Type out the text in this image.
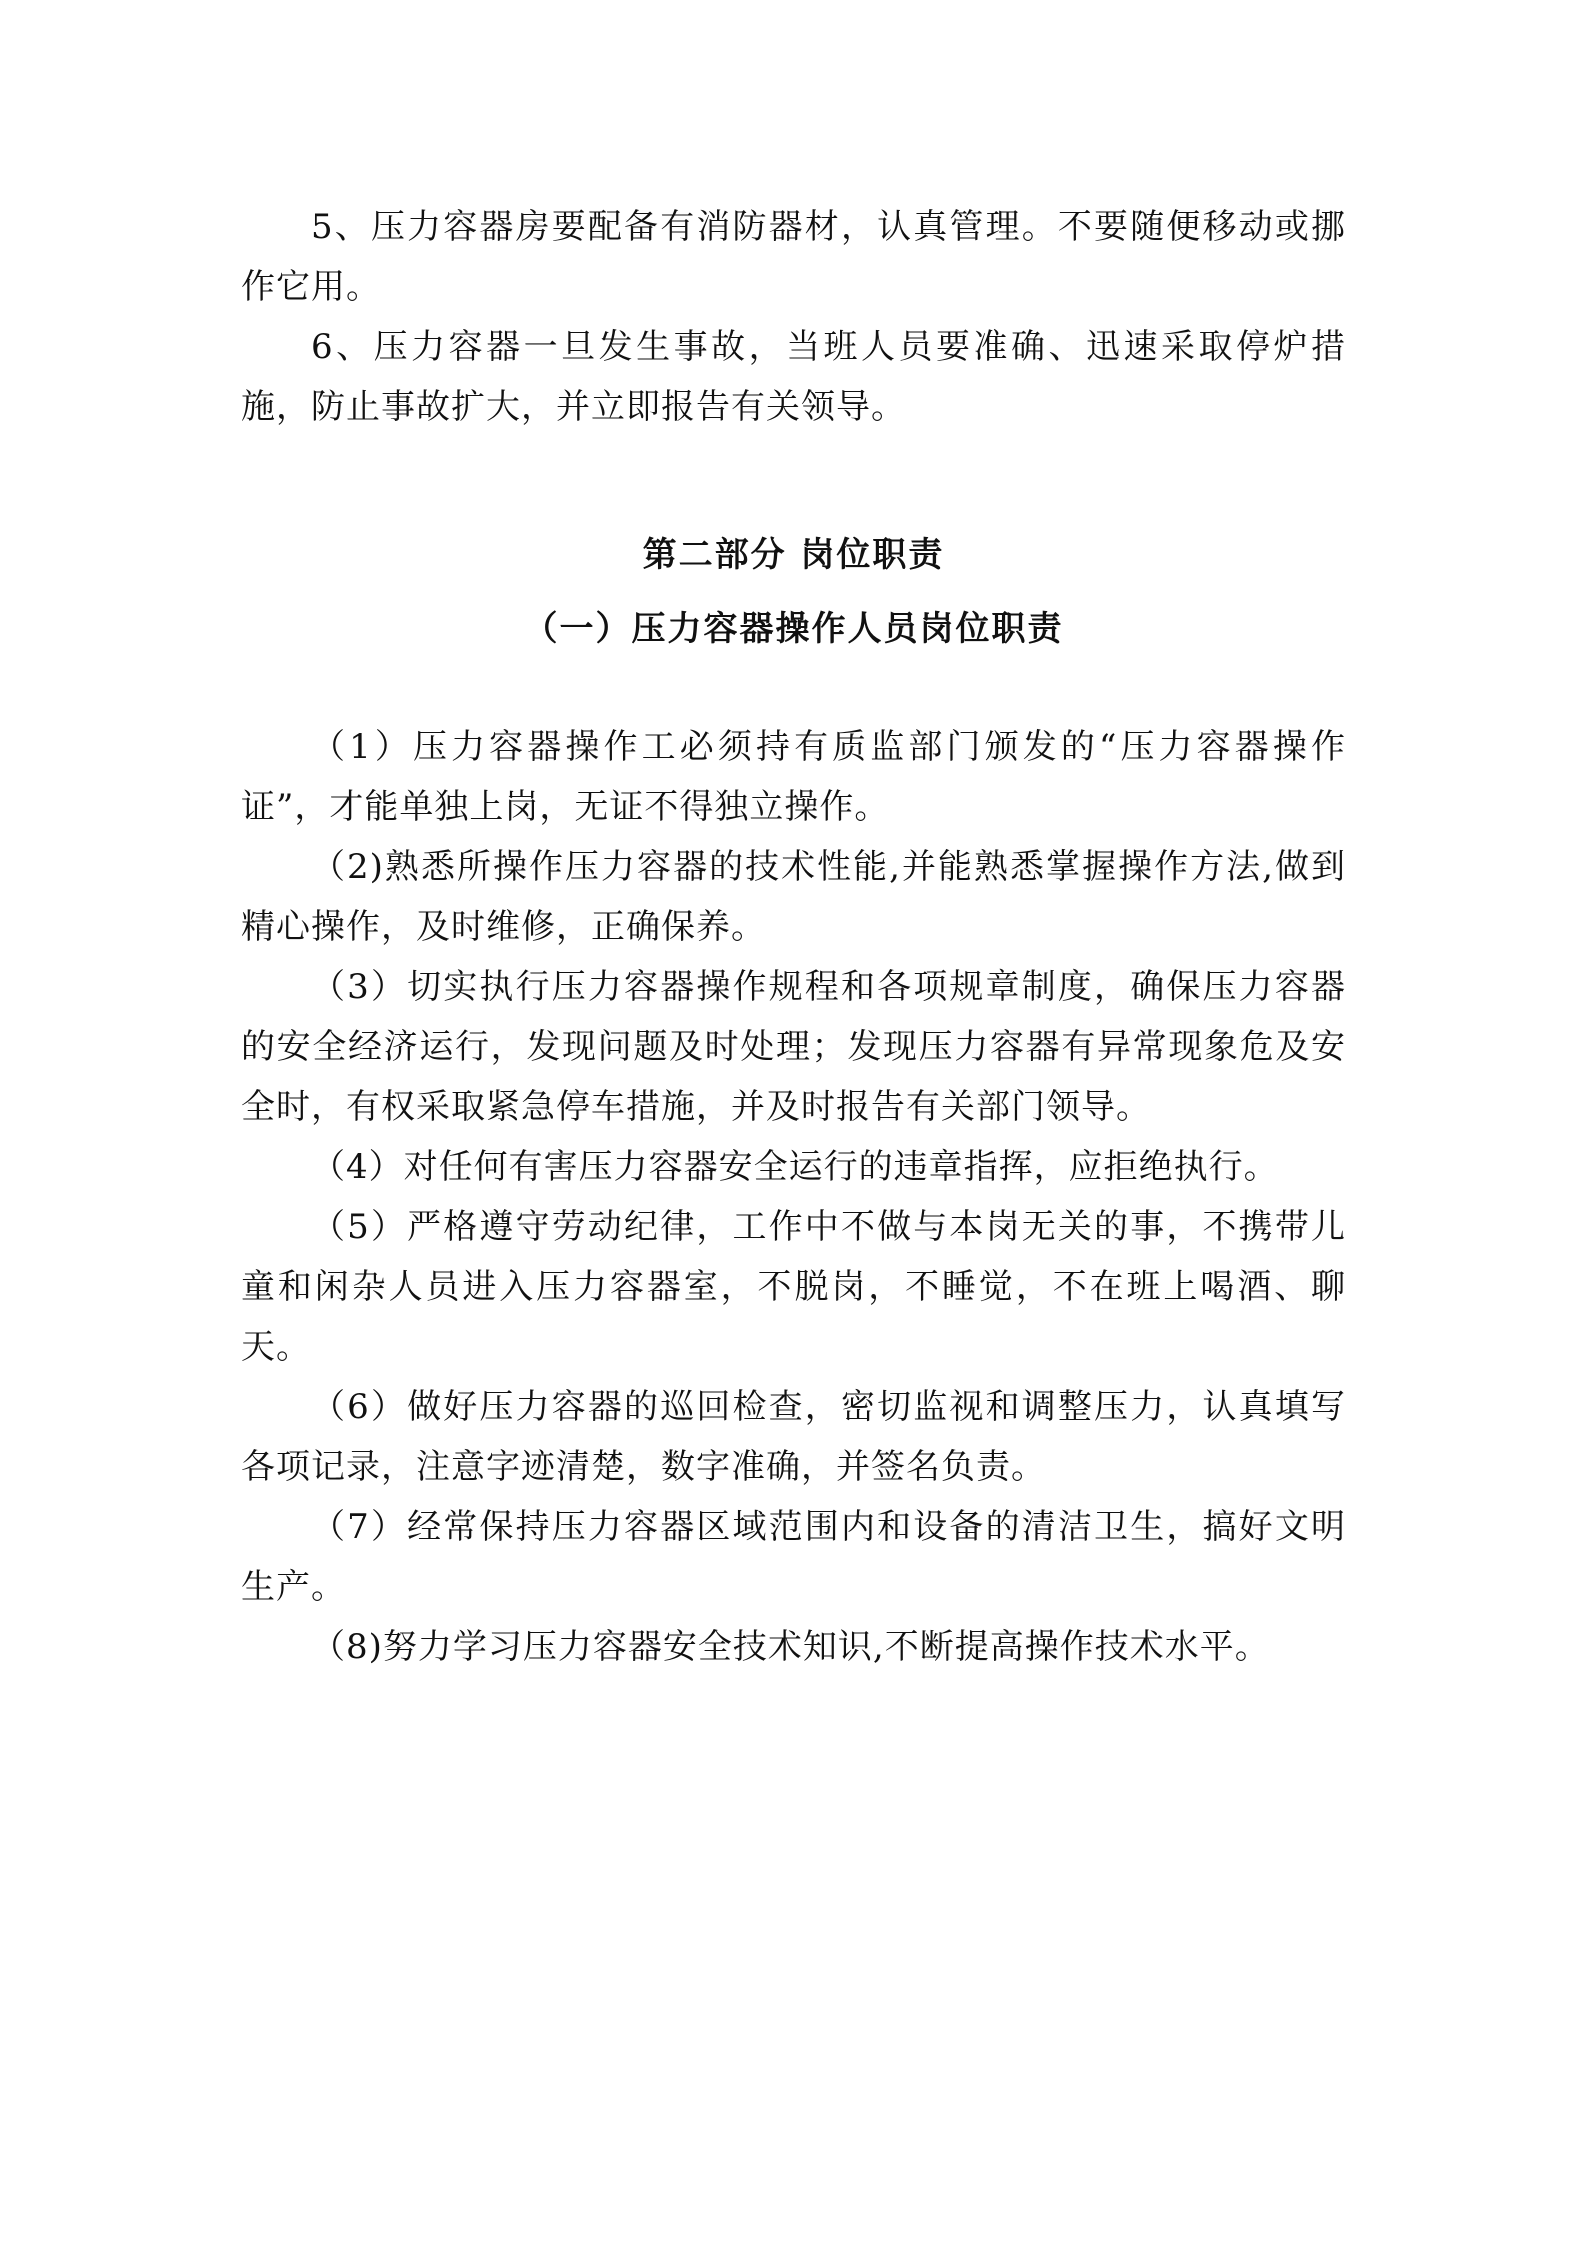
5、压力容器房要配备有消防器材，认真管理。不要随便移动或挪作它用。

6、压力容器一旦发生事故，当班人员要准确、迅速采取停炉措施，防止事故扩大，并立即报告有关领导。

第二部分 岗位职责
（一）压力容器操作人员岗位职责

（1）压力容器操作工必须持有质监部门颁发的“压力容器操作证”，才能单独上岗，无证不得独立操作。

（2)熟悉所操作压力容器的技术性能,并能熟悉掌握操作方法,做到精心操作，及时维修，正确保养。

（3）切实执行压力容器操作规程和各项规章制度，确保压力容器的安全经济运行，发现问题及时处理；发现压力容器有异常现象危及安全时，有权采取紧急停车措施，并及时报告有关部门领导。

（4）对任何有害压力容器安全运行的违章指挥，应拒绝执行。

（5）严格遵守劳动纪律，工作中不做与本岗无关的事，不携带儿童和闲杂人员进入压力容器室，不脱岗，不睡觉，不在班上喝酒、聊天。

（6）做好压力容器的巡回检查，密切监视和调整压力，认真填写各项记录，注意字迹清楚，数字准确，并签名负责。

（7）经常保持压力容器区域范围内和设备的清洁卫生，搞好文明生产。

（8)努力学习压力容器安全技术知识,不断提高操作技术水平。
